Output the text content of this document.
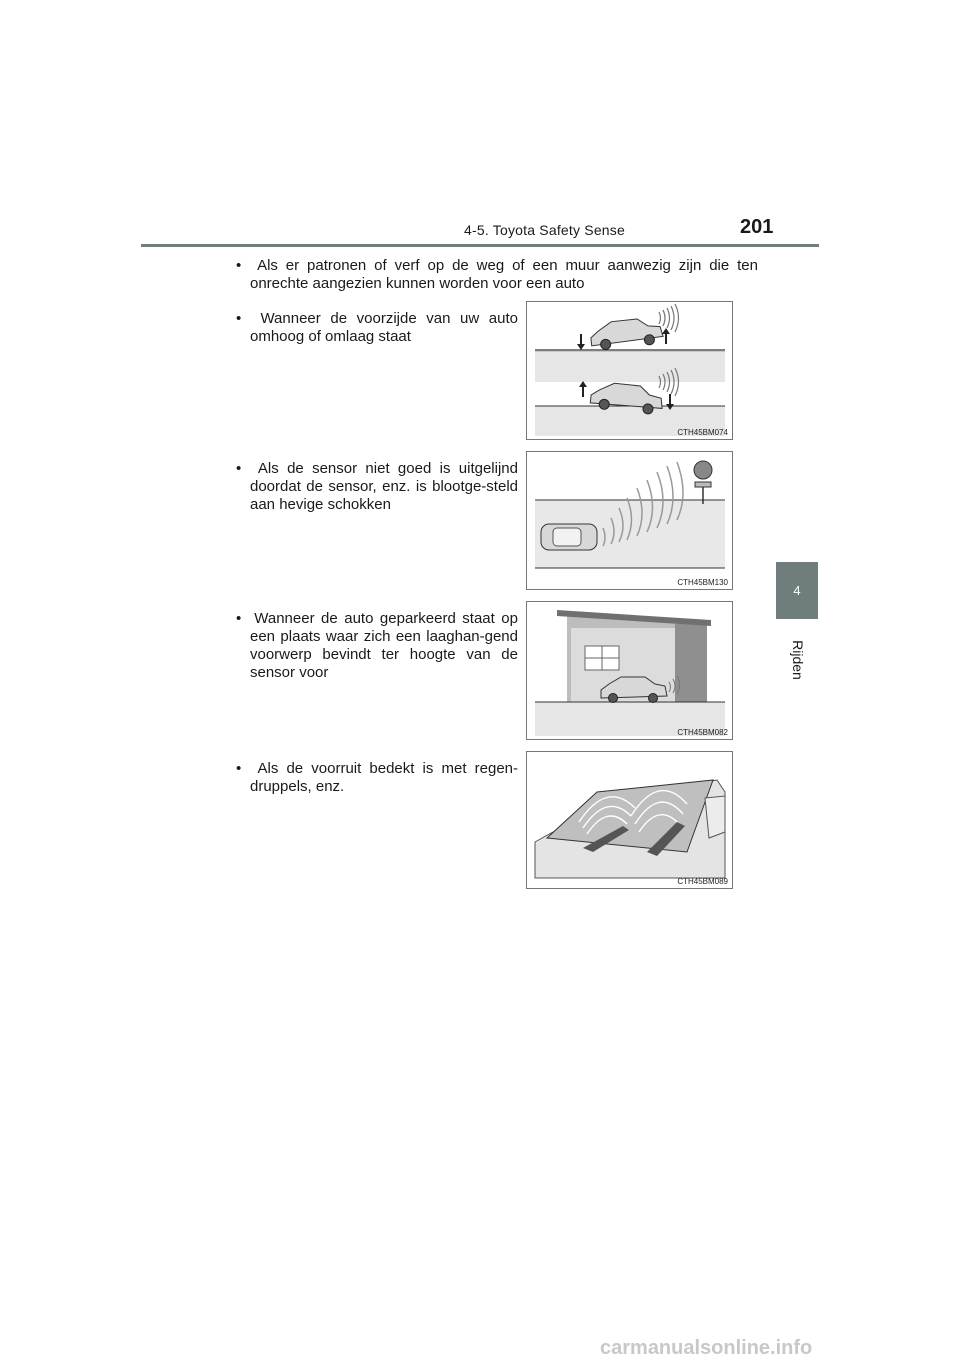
4-5. Toyota Safety Sense	201
4
Rijden
•  Als er patronen of verf op de weg of een muur aanwezig zijn die ten onrechte aangezien kunnen worden voor een auto
•  Wanneer de voorzijde van uw auto omhoog of omlaag staat
•  Als de sensor niet goed is uitgelijnd doordat de sensor, enz. is blootge-steld aan hevige schokken
•  Wanneer de auto geparkeerd staat op een plaats waar zich een laaghan-gend voorwerp bevindt ter hoogte van de sensor voor
•  Als de voorruit bedekt is met regen-druppels, enz.
CTH45BM074
CTH45BM130
CTH45BM082
CTH45BM089
carmanualsonline.info
